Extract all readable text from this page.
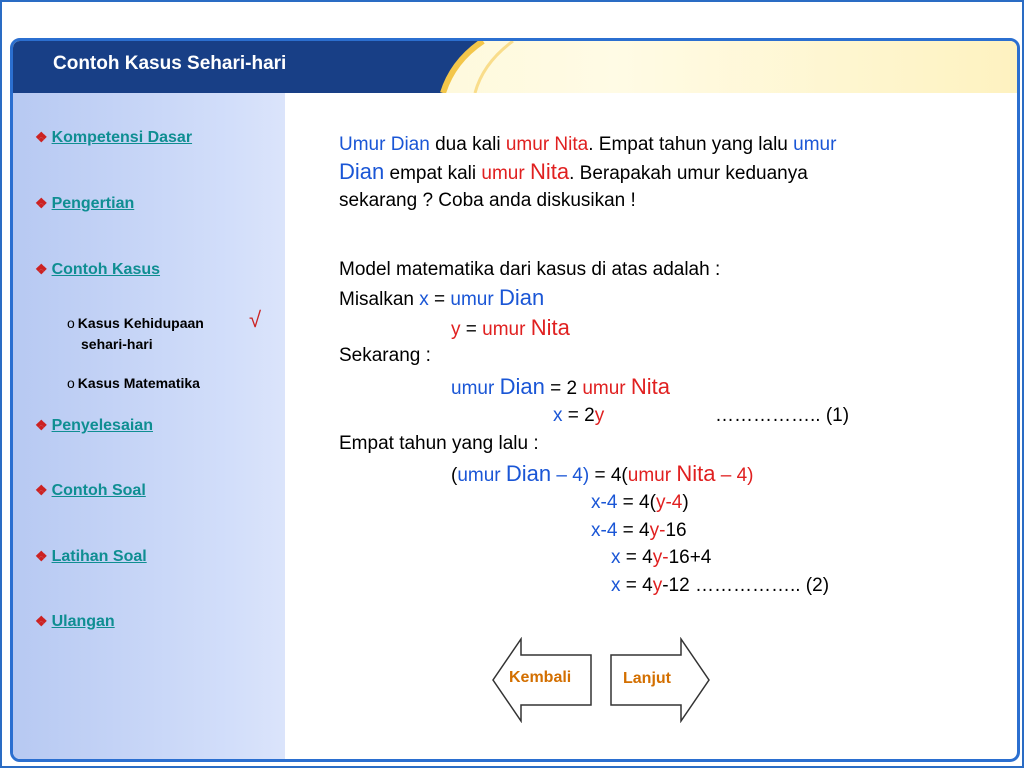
Contoh Kasus Sehari-hari
❖ Kompetensi Dasar
❖ Pengertian
❖ Contoh Kasus
o Kasus Kehidupaan
sehari-hari
√
o Kasus Matematika
❖ Penyelesaian
❖ Contoh Soal
❖ Latihan Soal
❖ Ulangan
Umur Dian dua kali umur Nita. Empat tahun yang lalu umur
Dian empat kali umur Nita. Berapakah umur keduanya
sekarang ? Coba anda diskusikan !
Model matematika dari kasus di atas adalah :
Misalkan x = umur Dian
y = umur Nita
Sekarang :
umur Dian = 2 umur Nita
x = 2y	…………….. (1)
Empat tahun yang lalu :
(umur Dian – 4) = 4(umur Nita – 4)
x-4 = 4(y-4)
x-4 = 4y-16
x = 4y-16+4
x = 4y-12 …………….. (2)
Kembali	Lanjut
